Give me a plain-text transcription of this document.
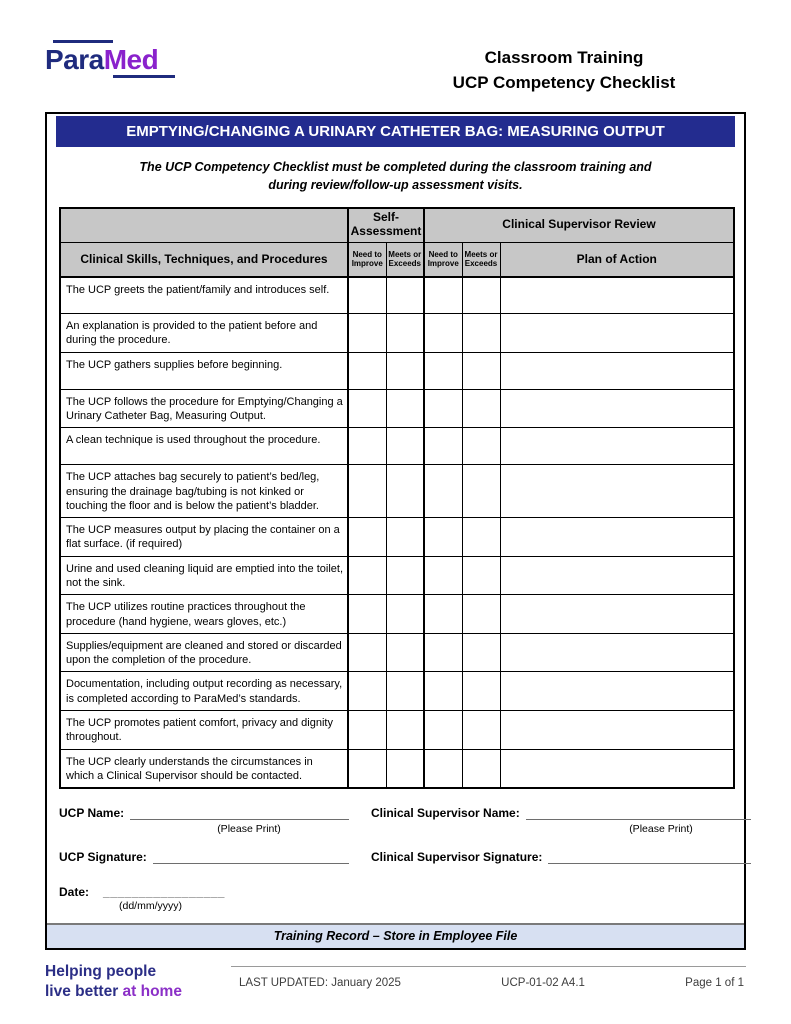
ParaMed	Classroom Training
UCP Competency Checklist
EMPTYING/CHANGING A URINARY CATHETER BAG: MEASURING OUTPUT
The UCP Competency Checklist must be completed during the classroom training and
during review/follow-up assessment visits.
	Self-Assessment		Clinical Supervisor Review		
Clinical Skills, Techniques, and Procedures	Need to Improve	Meets or Exceeds	Need to Improve	Meets or Exceeds	Plan of Action
The UCP greets the patient/family and introduces self.					
An explanation is provided to the patient before and during the procedure.					
The UCP gathers supplies before beginning.					
The UCP follows the procedure for Emptying/Changing a Urinary Catheter Bag, Measuring Output.					
A clean technique is used throughout the procedure.					
The UCP attaches bag securely to patient’s bed/leg, ensuring the drainage bag/tubing is not kinked or touching the floor and is below the patient’s bladder.					
The UCP measures output by placing the container on a flat surface. (if required)					
Urine and used cleaning liquid are emptied into the toilet, not the sink.					
The UCP utilizes routine practices throughout the procedure (hand hygiene, wears gloves, etc.)					
Supplies/equipment are cleaned and stored or discarded upon the completion of the procedure.					
Documentation, including output recording as necessary, is completed according to ParaMed’s standards.					
The UCP promotes patient comfort, privacy and dignity throughout.					
The UCP clearly understands the circumstances in which a Clinical Supervisor should be contacted.					
UCP Name:
(Please Print)
UCP Signature:
Clinical Supervisor Name:
(Please Print)
Clinical Supervisor Signature:
Date:	_________________
(dd/mm/yyyy)
Training Record – Store in Employee File
Helping people
live better at home
LAST UPDATED: January 2025	UCP-01-02 A4.1	Page 1 of 1
